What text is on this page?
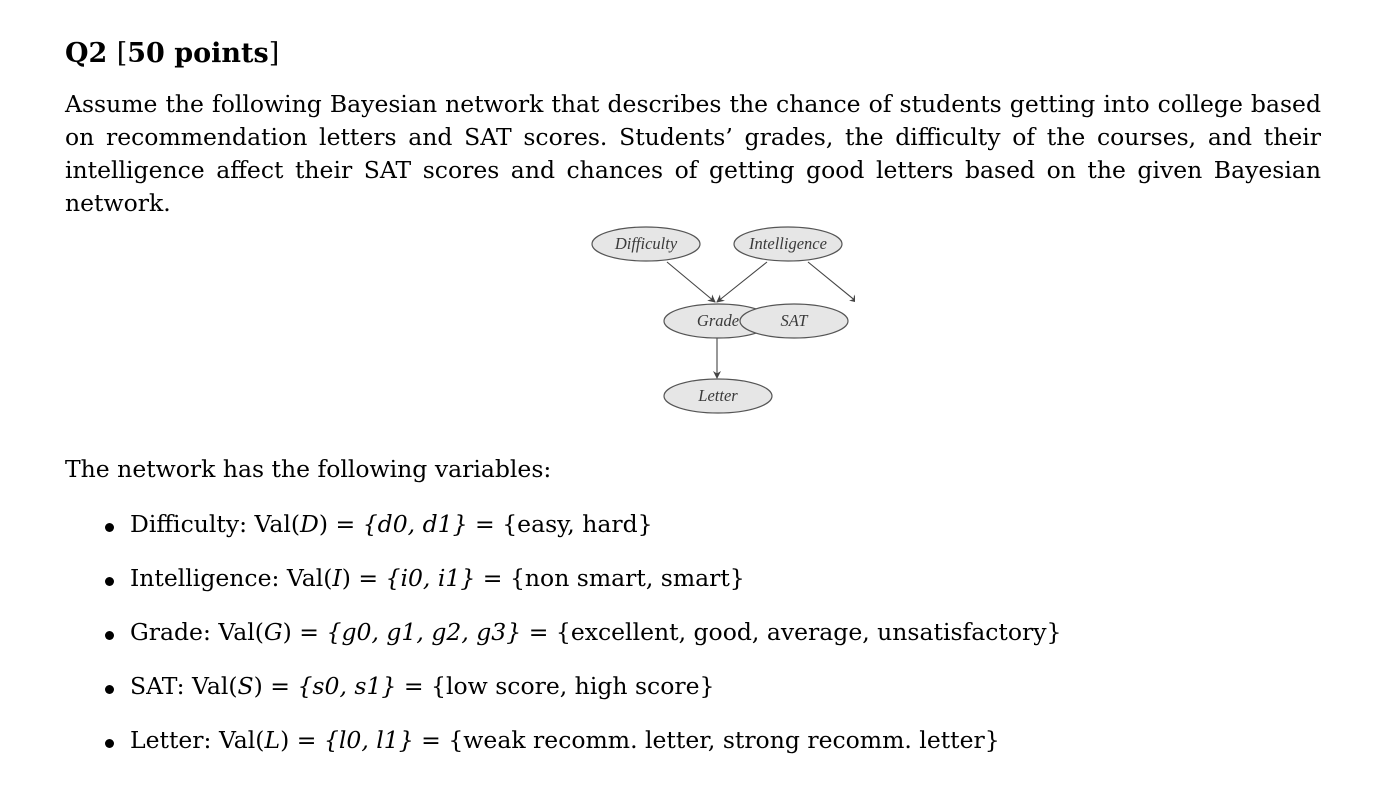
Q2 [50 points]

Assume the following Bayesian network that describes the chance of students getting into college based on recommendation letters and SAT scores. Students’ grades, the difficulty of the courses, and their intelligence affect their SAT scores and chances of getting good letters based on the given Bayesian network.

Difficulty	Intelligence
Grade
Letter
SAT

The network has the following variables:

Difficulty: Val(D) = {d0, d1} = {easy, hard}
Intelligence: Val(I) = {i0, i1} = {non smart, smart}
Grade: Val(G) = {g0, g1, g2, g3} = {excellent, good, average, unsatisfactory}
SAT: Val(S) = {s0, s1} = {low score, high score}
Letter: Val(L) = {l0, l1} = {weak recomm. letter, strong recomm. letter}
